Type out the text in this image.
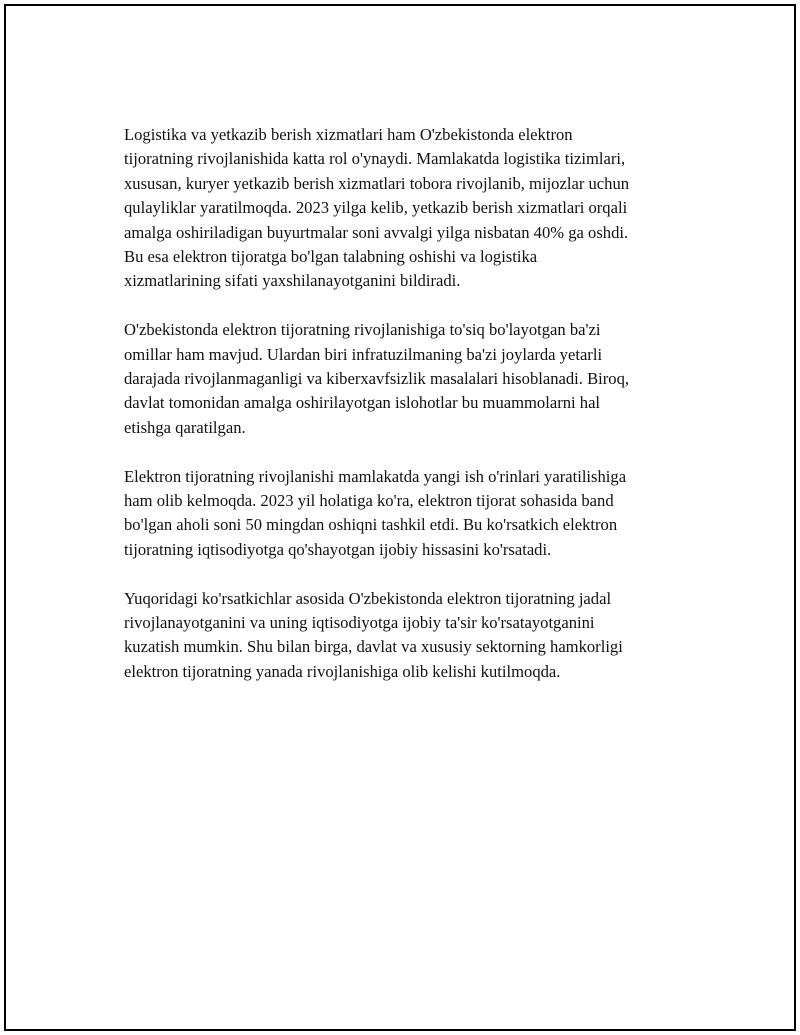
Logistika va yetkazib berish xizmatlari ham O'zbekistonda elektron
tijoratning rivojlanishida katta rol o'ynaydi. Mamlakatda logistika tizimlari,
xususan, kuryer yetkazib berish xizmatlari tobora rivojlanib, mijozlar uchun
qulayliklar yaratilmoqda. 2023 yilga kelib, yetkazib berish xizmatlari orqali
amalga oshiriladigan buyurtmalar soni avvalgi yilga nisbatan 40% ga oshdi.
Bu esa elektron tijoratga bo'lgan talabning oshishi va logistika
xizmatlarining sifati yaxshilanayotganini bildiradi.

O'zbekistonda elektron tijoratning rivojlanishiga to'siq bo'layotgan ba'zi
omillar ham mavjud. Ulardan biri infratuzilmaning ba'zi joylarda yetarli
darajada rivojlanmaganligi va kiberxavfsizlik masalalari hisoblanadi. Biroq,
davlat tomonidan amalga oshirilayotgan islohotlar bu muammolarni hal
etishga qaratilgan.

Elektron tijoratning rivojlanishi mamlakatda yangi ish o'rinlari yaratilishiga
ham olib kelmoqda. 2023 yil holatiga ko'ra, elektron tijorat sohasida band
bo'lgan aholi soni 50 mingdan oshiqni tashkil etdi. Bu ko'rsatkich elektron
tijoratning iqtisodiyotga qo'shayotgan ijobiy hissasini ko'rsatadi.

Yuqoridagi ko'rsatkichlar asosida O'zbekistonda elektron tijoratning jadal
rivojlanayotganini va uning iqtisodiyotga ijobiy ta'sir ko'rsatayotganini
kuzatish mumkin. Shu bilan birga, davlat va xususiy sektorning hamkorligi
elektron tijoratning yanada rivojlanishiga olib kelishi kutilmoqda.
